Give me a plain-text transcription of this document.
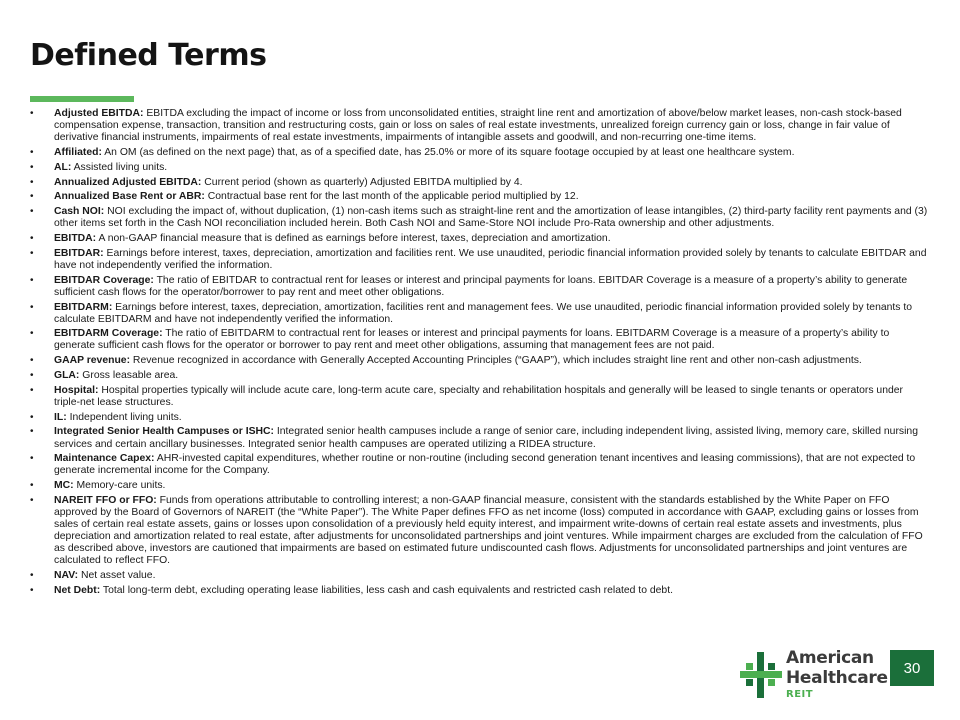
Defined Terms
• Adjusted EBITDA: EBITDA excluding the impact of income or loss from unconsolidated entities, straight line rent and amortization of above/below market leases, non-cash stock-based compensation expense, transaction, transition and restructuring costs, gain or loss on sales of real estate investments, unrealized foreign currency gain or loss, change in fair value of derivative financial instruments, impairments of real estate investments, impairments of intangible assets and goodwill, and non-recurring one-time items.
• Affiliated: An OM (as defined on the next page) that, as of a specified date, has 25.0% or more of its square footage occupied by at least one healthcare system.
• AL: Assisted living units.
• Annualized Adjusted EBITDA: Current period (shown as quarterly) Adjusted EBITDA multiplied by 4.
• Annualized Base Rent or ABR: Contractual base rent for the last month of the applicable period multiplied by 12.
• Cash NOI: NOI excluding the impact of, without duplication, (1) non-cash items such as straight-line rent and the amortization of lease intangibles, (2) third-party facility rent payments and (3) other items set forth in the Cash NOI reconciliation included herein. Both Cash NOI and Same-Store NOI include Pro-Rata ownership and other adjustments.
• EBITDA: A non-GAAP financial measure that is defined as earnings before interest, taxes, depreciation and amortization.
• EBITDAR: Earnings before interest, taxes, depreciation, amortization and facilities rent. We use unaudited, periodic financial information provided solely by tenants to calculate EBITDAR and have not independently verified the information.
• EBITDAR Coverage: The ratio of EBITDAR to contractual rent for leases or interest and principal payments for loans. EBITDAR Coverage is a measure of a property’s ability to generate sufficient cash flows for the operator/borrower to pay rent and meet other obligations.
• EBITDARM: Earnings before interest, taxes, depreciation, amortization, facilities rent and management fees. We use unaudited, periodic financial information provided solely by tenants to calculate EBITDARM and have not independently verified the information.
• EBITDARM Coverage: The ratio of EBITDARM to contractual rent for leases or interest and principal payments for loans. EBITDARM Coverage is a measure of a property’s ability to generate sufficient cash flows for the operator or borrower to pay rent and meet other obligations, assuming that management fees are not paid.
• GAAP revenue: Revenue recognized in accordance with Generally Accepted Accounting Principles (“GAAP”), which includes straight line rent and other non-cash adjustments.
• GLA: Gross leasable area.
• Hospital: Hospital properties typically will include acute care, long-term acute care, specialty and rehabilitation hospitals and generally will be leased to single tenants or operators under triple-net lease structures.
• IL: Independent living units.
• Integrated Senior Health Campuses or ISHC: Integrated senior health campuses include a range of senior care, including independent living, assisted living, memory care, skilled nursing services and certain ancillary businesses. Integrated senior health campuses are operated utilizing a RIDEA structure.
• Maintenance Capex: AHR-invested capital expenditures, whether routine or non-routine (including second generation tenant incentives and leasing commissions), that are not expected to generate incremental income for the Company.
• MC: Memory-care units.
• NAREIT FFO or FFO: Funds from operations attributable to controlling interest; a non-GAAP financial measure, consistent with the standards established by the White Paper on FFO approved by the Board of Governors of NAREIT (the “White Paper”). The White Paper defines FFO as net income (loss) computed in accordance with GAAP, excluding gains or losses from sales of certain real estate assets, gains or losses upon consolidation of a previously held equity interest, and impairment write-downs of certain real estate assets and investments, plus depreciation and amortization related to real estate, after adjustments for unconsolidated partnerships and joint ventures. While impairment charges are excluded from the calculation of FFO as described above, investors are cautioned that impairments are based on estimated future undiscounted cash flows. Adjustments for unconsolidated partnerships and joint ventures are calculated to reflect FFO.
• NAV: Net asset value.
• Net Debt: Total long-term debt, excluding operating lease liabilities, less cash and cash equivalents and restricted cash related to debt.
American
Healthcare
REIT
30
